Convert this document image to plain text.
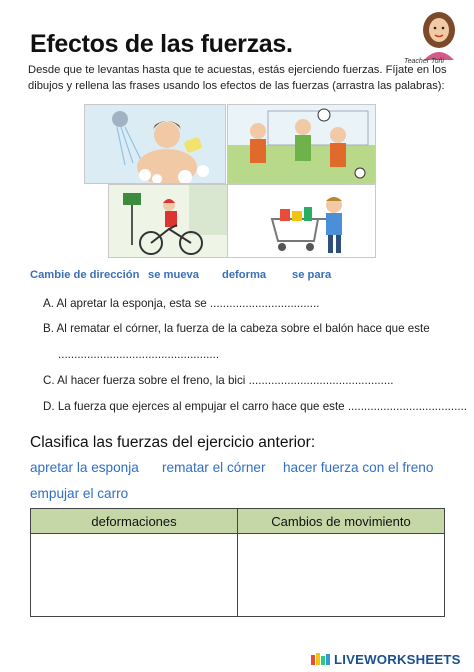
Efectos de las fuerzas.
Teacher Toñi
Desde que te levantas hasta que te acuestas, estás ejerciendo fuerzas. Fíjate en los dibujos y rellena las frases usando los efectos de las fuerzas (arrastra las palabras):
Cambie de dirección se mueva deforma se para
A. Al apretar la esponja, esta se ..................................
B. Al rematar el córner, la fuerza de la cabeza sobre el balón hace que este
..................................................
C. Al hacer fuerza sobre el freno, la bici .............................................
D. La fuerza que ejerces al empujar el carro hace que este .....................................
Clasifica las fuerzas del ejercicio anterior:
apretar la esponja rematar el córner hacer fuerza con el freno
empujar el carro
deformaciones	Cambios de movimiento

LIVEWORKSHEETS
